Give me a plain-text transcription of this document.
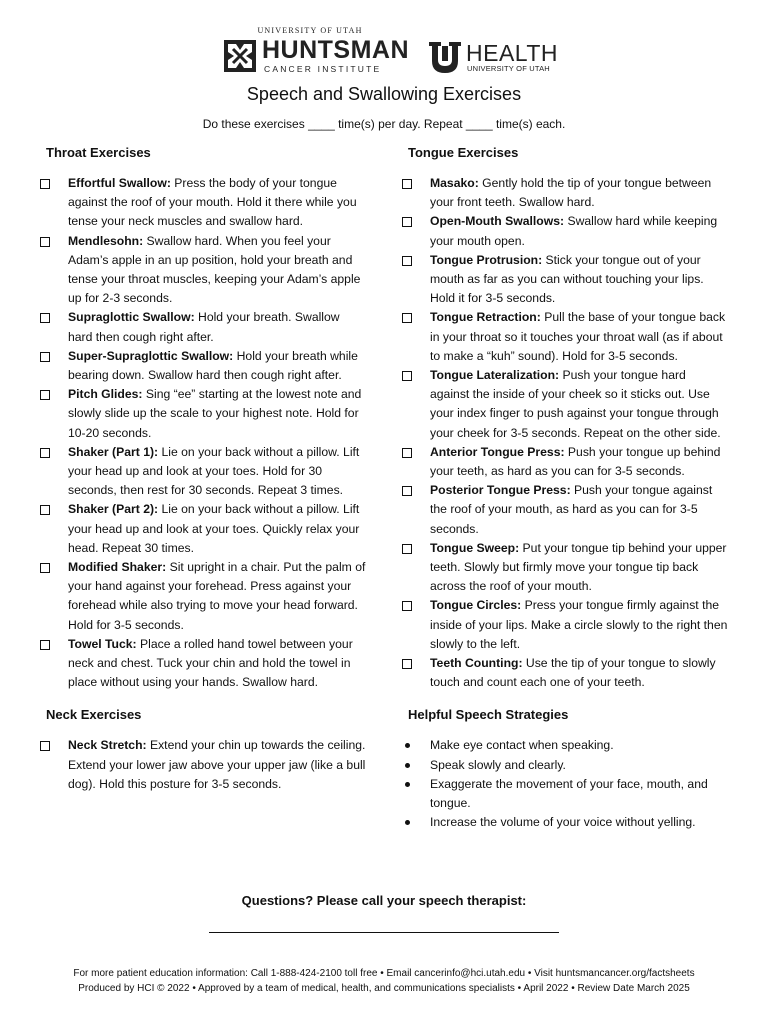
UNIVERSITY OF UTAH
HUNTSMAN
CANCER INSTITUTE
HEALTH
UNIVERSITY OF UTAH
Speech and Swallowing Exercises
Do these exercises ____ time(s) per day. Repeat ____ time(s) each.
Throat Exercises
Effortful Swallow: Press the body of your tongue against the roof of your mouth. Hold it there while you tense your neck muscles and swallow hard.
Mendlesohn: Swallow hard. When you feel your Adam’s apple in an up position, hold your breath and tense your throat muscles, keeping your Adam’s apple up for 2-3 seconds.
Supraglottic Swallow: Hold your breath. Swallow hard then cough right after.
Super-Supraglottic Swallow: Hold your breath while bearing down. Swallow hard then cough right after.
Pitch Glides: Sing “ee” starting at the lowest note and slowly slide up the scale to your highest note. Hold for 10-20 seconds.
Shaker (Part 1): Lie on your back without a pillow. Lift your head up and look at your toes. Hold for 30 seconds, then rest for 30 seconds. Repeat 3 times.
Shaker (Part 2): Lie on your back without a pillow. Lift your head up and look at your toes. Quickly relax your head. Repeat 30 times.
Modified Shaker: Sit upright in a chair. Put the palm of your hand against your forehead. Press against your forehead while also trying to move your head forward. Hold for 3-5 seconds.
Towel Tuck: Place a rolled hand towel between your neck and chest. Tuck your chin and hold the towel in place without using your hands. Swallow hard.
Neck Exercises
Neck Stretch: Extend your chin up towards the ceiling. Extend your lower jaw above your upper jaw (like a bull dog). Hold this posture for 3-5 seconds.
Tongue Exercises
Masako: Gently hold the tip of your tongue between your front teeth. Swallow hard.
Open-Mouth Swallows: Swallow hard while keeping your mouth open.
Tongue Protrusion: Stick your tongue out of your mouth as far as you can without touching your lips. Hold it for 3-5 seconds.
Tongue Retraction: Pull the base of your tongue back in your throat so it touches your throat wall (as if about to make a “kuh” sound). Hold for 3-5 seconds.
Tongue Lateralization: Push your tongue hard against the inside of your cheek so it sticks out. Use your index finger to push against your tongue through your cheek for 3-5 seconds. Repeat on the other side.
Anterior Tongue Press: Push your tongue up behind your teeth, as hard as you can for 3-5 seconds.
Posterior Tongue Press: Push your tongue against the roof of your mouth, as hard as you can for 3-5 seconds.
Tongue Sweep: Put your tongue tip behind your upper teeth. Slowly but firmly move your tongue tip back across the roof of your mouth.
Tongue Circles: Press your tongue firmly against the inside of your lips. Make a circle slowly to the right then slowly to the left.
Teeth Counting: Use the tip of your tongue to slowly touch and count each one of your teeth.
Helpful Speech Strategies
Make eye contact when speaking.
Speak slowly and clearly.
Exaggerate the movement of your face, mouth, and tongue.
Increase the volume of your voice without yelling.
Questions? Please call your speech therapist:
For more patient education information: Call 1-888-424-2100 toll free • Email cancerinfo@hci.utah.edu • Visit huntsmancancer.org/factsheets
Produced by HCI © 2022 • Approved by a team of medical, health, and communications specialists • April 2022 • Review Date March 2025
